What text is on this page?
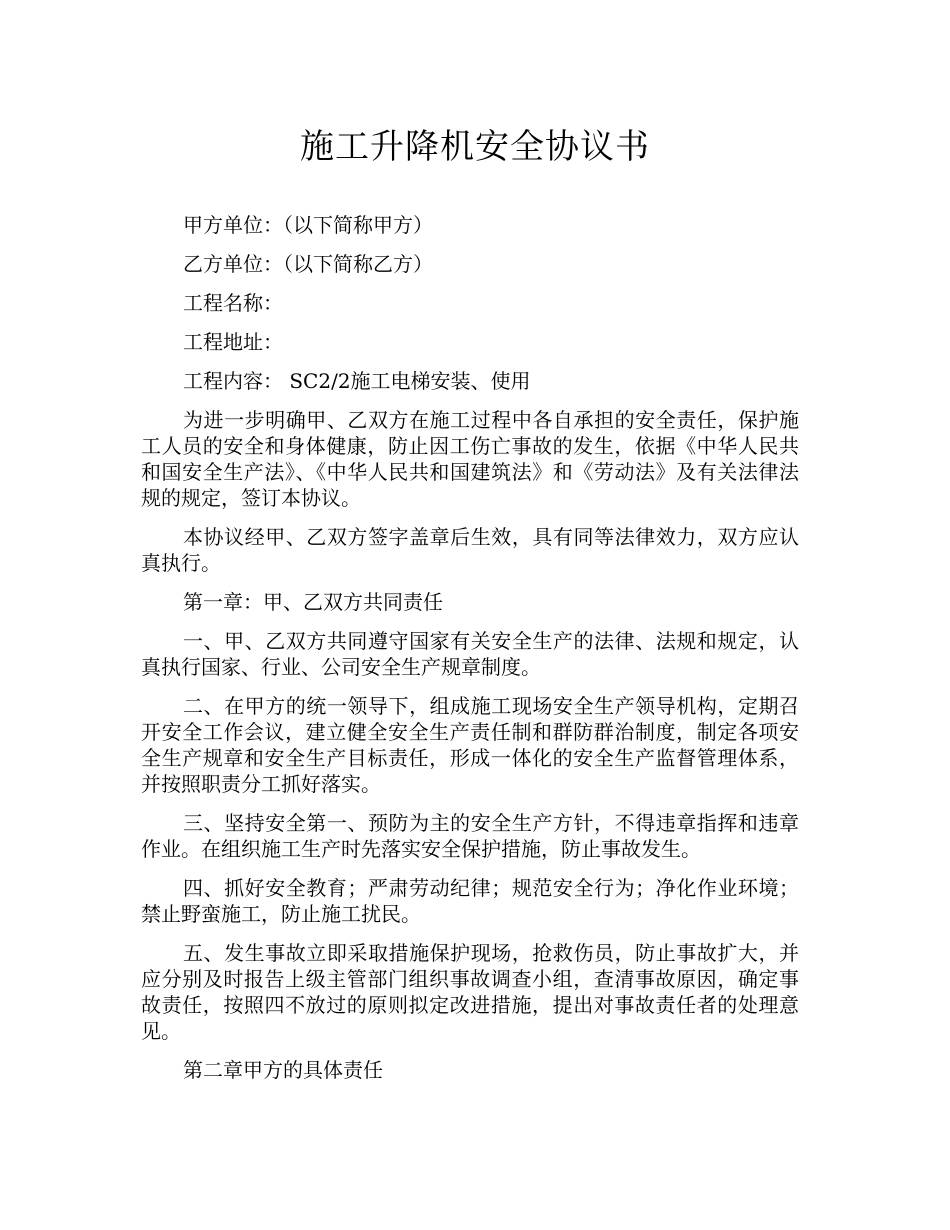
施工升降机安全协议书

甲方单位：（以下简称甲方）

乙方单位：（以下简称乙方）

工程名称：

工程地址：

工程内容： SC2/2施工电梯安装、使用

为进一步明确甲、乙双方在施工过程中各自承担的安全责任，保护施工人员的安全和身体健康，防止因工伤亡事故的发生，依据《中华人民共和国安全生产法》、《中华人民共和国建筑法》和《劳动法》及有关法律法规的规定，签订本协议。

本协议经甲、乙双方签字盖章后生效，具有同等法律效力，双方应认真执行。

第一章：甲、乙双方共同责任

一、甲、乙双方共同遵守国家有关安全生产的法律、法规和规定，认真执行国家、行业、公司安全生产规章制度。

二、在甲方的统一领导下，组成施工现场安全生产领导机构，定期召开安全工作会议，建立健全安全生产责任制和群防群治制度，制定各项安全生产规章和安全生产目标责任，形成一体化的安全生产监督管理体系，并按照职责分工抓好落实。

三、坚持安全第一、预防为主的安全生产方针，不得违章指挥和违章作业。在组织施工生产时先落实安全保护措施，防止事故发生。

四、抓好安全教育；严肃劳动纪律；规范安全行为；净化作业环境；禁止野蛮施工，防止施工扰民。

五、发生事故立即采取措施保护现场，抢救伤员，防止事故扩大，并应分别及时报告上级主管部门组织事故调查小组，查清事故原因，确定事故责任，按照四不放过的原则拟定改进措施，提出对事故责任者的处理意见。

第二章甲方的具体责任
